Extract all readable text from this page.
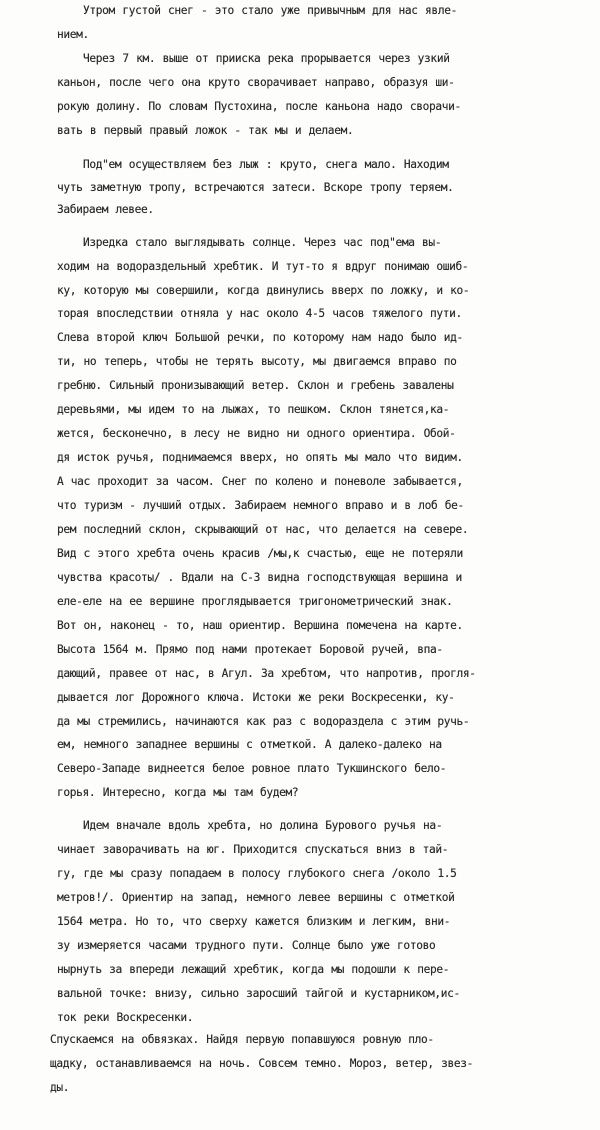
Утром густой снег - это стало уже привычным для нас явле-
нием.
Через 7 км. выше от прииска река прорывается через узкий
каньон, после чего она круто сворачивает направо, образуя ши-
рокую долину. По словам Пустохина, после каньона надо сворачи-
вать в первый правый ложок - так мы и делаем.
Под"ем осуществляем без лыж : круто, снега мало. Находим
чуть заметную тропу, встречаются затеси. Вскоре тропу теряем.
Забираем левее.
Изредка стало выглядывать солнце. Через час под"ема вы-
ходим на водораздельный хребтик. И тут-то я вдруг понимаю ошиб-
ку, которую мы совершили, когда двинулись вверх по ложку, и ко-
торая впоследствии отняла у нас около 4-5 часов тяжелого пути.
Слева второй ключ Большой речки, по которому нам надо было ид-
ти, но теперь, чтобы не терять высоту, мы двигаемся вправо по
гребню. Сильный пронизывающий ветер. Склон и гребень завалены
деревьями, мы идем то на лыжах, то пешком. Склон тянется,ка-
жется, бесконечно, в лесу не видно ни одного ориентира. Обой-
дя исток ручья, поднимаемся вверх, но опять мы мало что видим.
А час проходит за часом. Снег по колено и поневоле забывается,
что туризм - лучший отдых. Забираем немного вправо и в лоб бе-
рем последний склон, скрывающий от нас, что делается на севере.
Вид с этого хребта очень красив /мы,к счастью, еще не потеряли
чувства красоты/ . Вдали на С-З видна господствующая вершина и
еле-еле на ее вершине проглядывается тригонометрический знак.
Вот он, наконец - то, наш ориентир. Вершина помечена на карте.
Высота 1564 м. Прямо под нами протекает Боровой ручей, впа-
дающий, правее от нас, в Агул. За хребтом, что напротив, прогля-
дывается лог Дорожного ключа. Истоки же реки Воскресенки, ку-
да мы стремились, начинаются как раз с водораздела с этим ручь-
ем, немного западнее вершины с отметкой. А далеко-далеко на
Северо-Западе виднеется белое ровное плато Тукшинского бело-
горья. Интересно, когда мы там будем?
Идем вначале вдоль хребта, но долина Бурового ручья на-
чинает заворачивать на юг. Приходится спускаться вниз в тай-
гу, где мы сразу попадаем в полосу глубокого снега /около 1.5
метров!/. Ориентир на запад, немного левее вершины с отметкой
1564 метра. Но то, что сверху кажется близким и легким, вни-
зу измеряется часами трудного пути. Солнце было уже готово
нырнуть за впереди лежащий хребтик, когда мы подошли к пере-
вальной точке: внизу, сильно заросший тайгой и кустарником,ис-
ток реки Воскресенки.
Спускаемся на обвязках. Найдя первую попавшуюся ровную пло-
щадку, останавливаемся на ночь. Совсем темно. Мороз, ветер, звез-
ды.
